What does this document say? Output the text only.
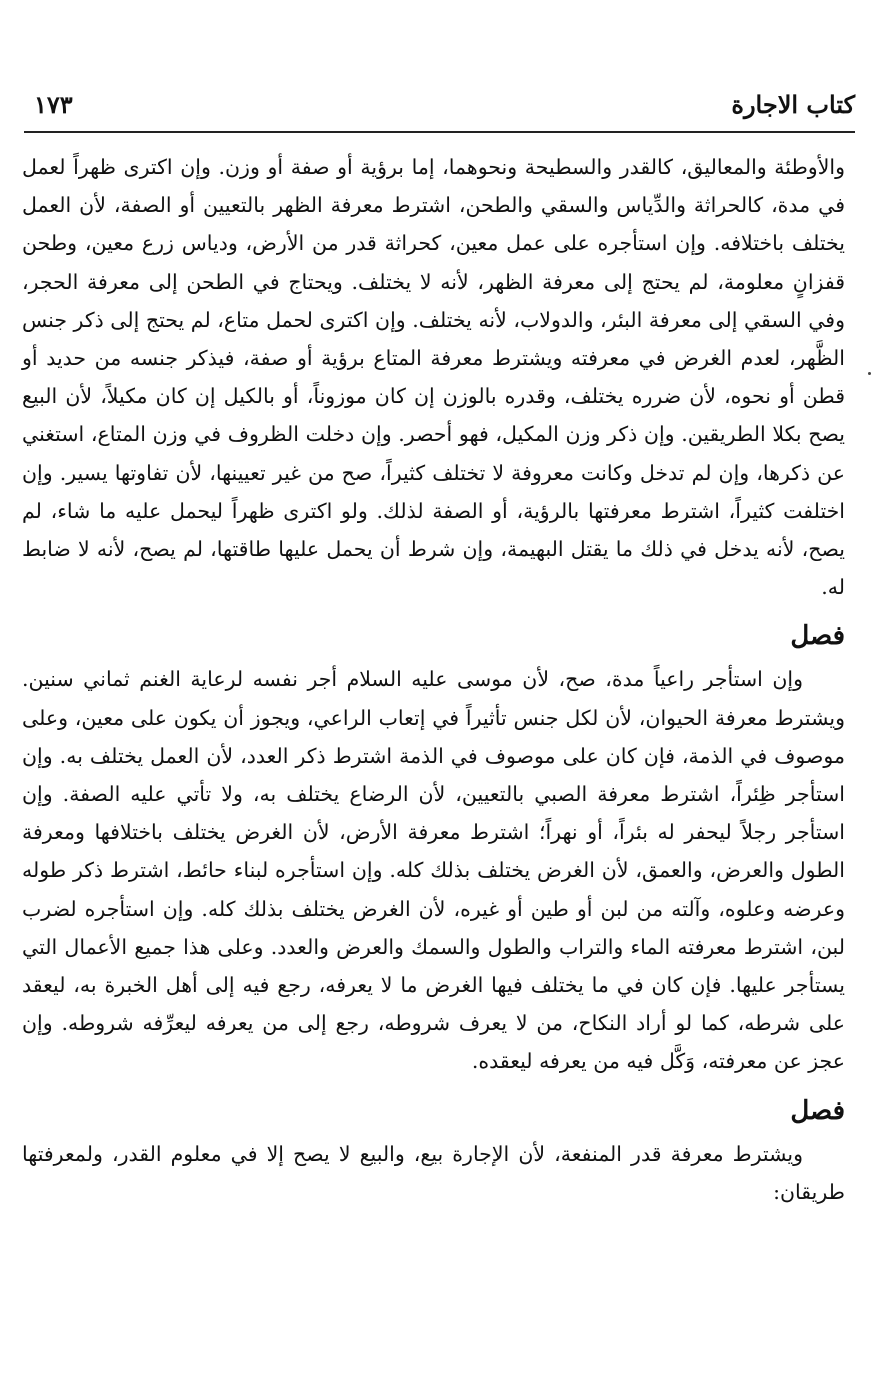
كتاب الاجارة
١٧٣

والأوطئة والمعاليق، كالقدر والسطيحة ونحوهما، إما برؤية أو صفة أو وزن. وإن اكترى ظهراً لعمل في مدة، كالحراثة والدِّياس والسقي والطحن، اشترط معرفة الظهر بالتعيين أو الصفة، لأن العمل يختلف باختلافه. وإن استأجره على عمل معين، كحراثة قدر من الأرض، ودياس زرع معين، وطحن قفزانٍ معلومة، لم يحتج إلى معرفة الظهر، لأنه لا يختلف. ويحتاج في الطحن إلى معرفة الحجر، وفي السقي إلى معرفة البئر، والدولاب، لأنه يختلف. وإن اكترى لحمل متاع، لم يحتج إلى ذكر جنس الظَّهر، لعدم الغرض في معرفته ويشترط معرفة المتاع برؤية أو صفة، فيذكر جنسه من حديد أو قطن أو نحوه، لأن ضرره يختلف، وقدره بالوزن إن كان موزوناً، أو بالكيل إن كان مكيلاً، لأن البيع يصح بكلا الطريقين. وإن ذكر وزن المكيل، فهو أحصر. وإن دخلت الظروف في وزن المتاع، استغني عن ذكرها، وإن لم تدخل وكانت معروفة لا تختلف كثيراً، صح من غير تعيينها، لأن تفاوتها يسير. وإن اختلفت كثيراً، اشترط معرفتها بالرؤية، أو الصفة لذلك. ولو اكترى ظهراً ليحمل عليه ما شاء، لم يصح، لأنه يدخل في ذلك ما يقتل البهيمة، وإن شرط أن يحمل عليها طاقتها، لم يصح، لأنه لا ضابط له.

فصل

وإن استأجر راعياً مدة، صح، لأن موسى عليه السلام أجر نفسه لرعاية الغنم ثماني سنين. ويشترط معرفة الحيوان، لأن لكل جنس تأثيراً في إتعاب الراعي، ويجوز أن يكون على معين، وعلى موصوف في الذمة، فإن كان على موصوف في الذمة اشترط ذكر العدد، لأن العمل يختلف به. وإن استأجر ظِئراً، اشترط معرفة الصبي بالتعيين، لأن الرضاع يختلف به، ولا تأتي عليه الصفة. وإن استأجر رجلاً ليحفر له بئراً، أو نهراً؛ اشترط معرفة الأرض، لأن الغرض يختلف باختلافها ومعرفة الطول والعرض، والعمق، لأن الغرض يختلف بذلك كله. وإن استأجره لبناء حائط، اشترط ذكر طوله وعرضه وعلوه، وآلته من لبن أو طين أو غيره، لأن الغرض يختلف بذلك كله. وإن استأجره لضرب لبن، اشترط معرفته الماء والتراب والطول والسمك والعرض والعدد. وعلى هذا جميع الأعمال التي يستأجر عليها. فإن كان في ما يختلف فيها الغرض ما لا يعرفه، رجع فيه إلى أهل الخبرة به، ليعقد على شرطه، كما لو أراد النكاح، من لا يعرف شروطه، رجع إلى من يعرفه ليعرِّفه شروطه. وإن عجز عن معرفته، وَكَّل فيه من يعرفه ليعقده.

فصل

ويشترط معرفة قدر المنفعة، لأن الإجارة بيع، والبيع لا يصح إلا في معلوم القدر، ولمعرفتها طريقان:
